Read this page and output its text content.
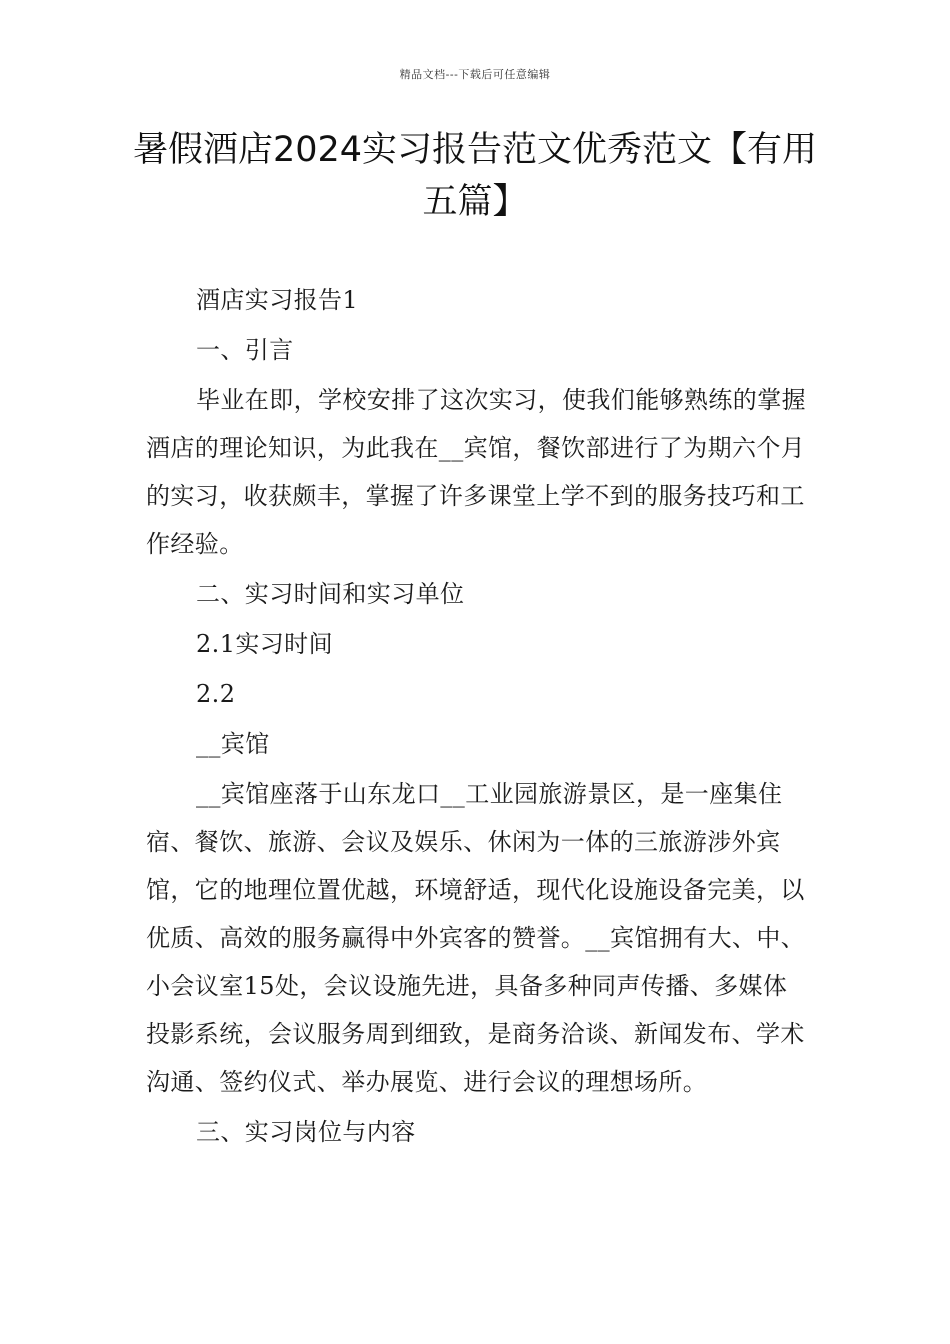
精品文档---下载后可任意编辑
暑假酒店2024实习报告范文优秀范文【有用五篇】

酒店实习报告1

一、引言

毕业在即，学校安排了这次实习，使我们能够熟练的掌握酒店的理论知识，为此我在__宾馆，餐饮部进行了为期六个月的实习，收获颇丰，掌握了许多课堂上学不到的服务技巧和工作经验。

二、实习时间和实习单位

2.1实习时间

2.2

__宾馆

__宾馆座落于山东龙口__工业园旅游景区，是一座集住宿、餐饮、旅游、会议及娱乐、休闲为一体的三旅游涉外宾馆，它的地理位置优越，环境舒适，现代化设施设备完美，以优质、高效的服务赢得中外宾客的赞誉。__宾馆拥有大、中、小会议室15处，会议设施先进，具备多种同声传播、多媒体投影系统，会议服务周到细致，是商务洽谈、新闻发布、学术沟通、签约仪式、举办展览、进行会议的理想场所。

三、实习岗位与内容
